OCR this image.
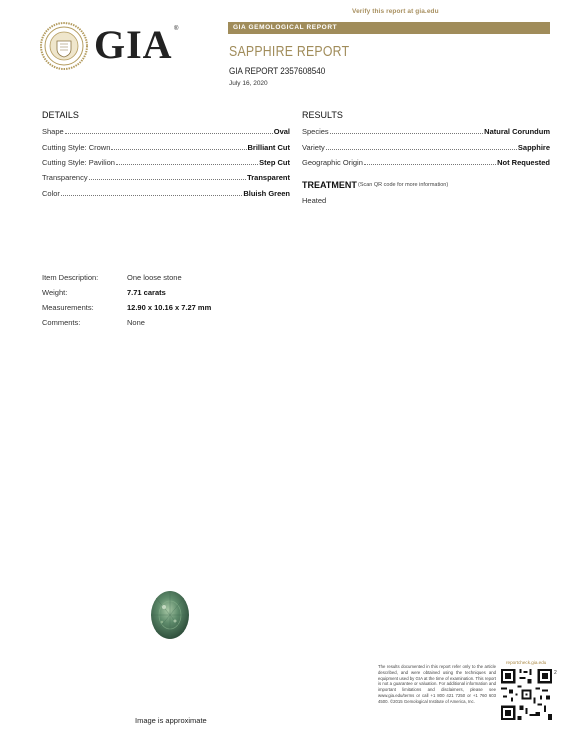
Verify this report at gia.edu
GIA ®	GIA GEMOLOGICAL REPORT
SAPPHIRE REPORT
GIA REPORT 2357608540
July 16, 2020
DETAILS
Shape	Oval
Cutting Style: Crown	Brilliant Cut
Cutting Style: Pavilion	Step Cut
Transparency	Transparent
Color	Bluish Green
RESULTS
Species	Natural Corundum
Variety	Sapphire
Geographic Origin	Not Requested
TREATMENT (Scan QR code for more information)
Heated
Item Description:	One loose stone
Weight:	7.71 carats
Measurements:	12.90 x 10.16 x 7.27 mm
Comments:	None
Image is approximate
The results documented in this report refer only to the article described, and were obtained using the techniques and equipment used by GIA at the time of examination. This report is not a guarantee or valuation. For additional information and important limitations and disclaimers, please see www.gia.edu/terms or call +1 800 421 7250 or +1 760 603 4500. ©2015 Gemological Institute of America, Inc.
reportcheck.gia.edu
2
